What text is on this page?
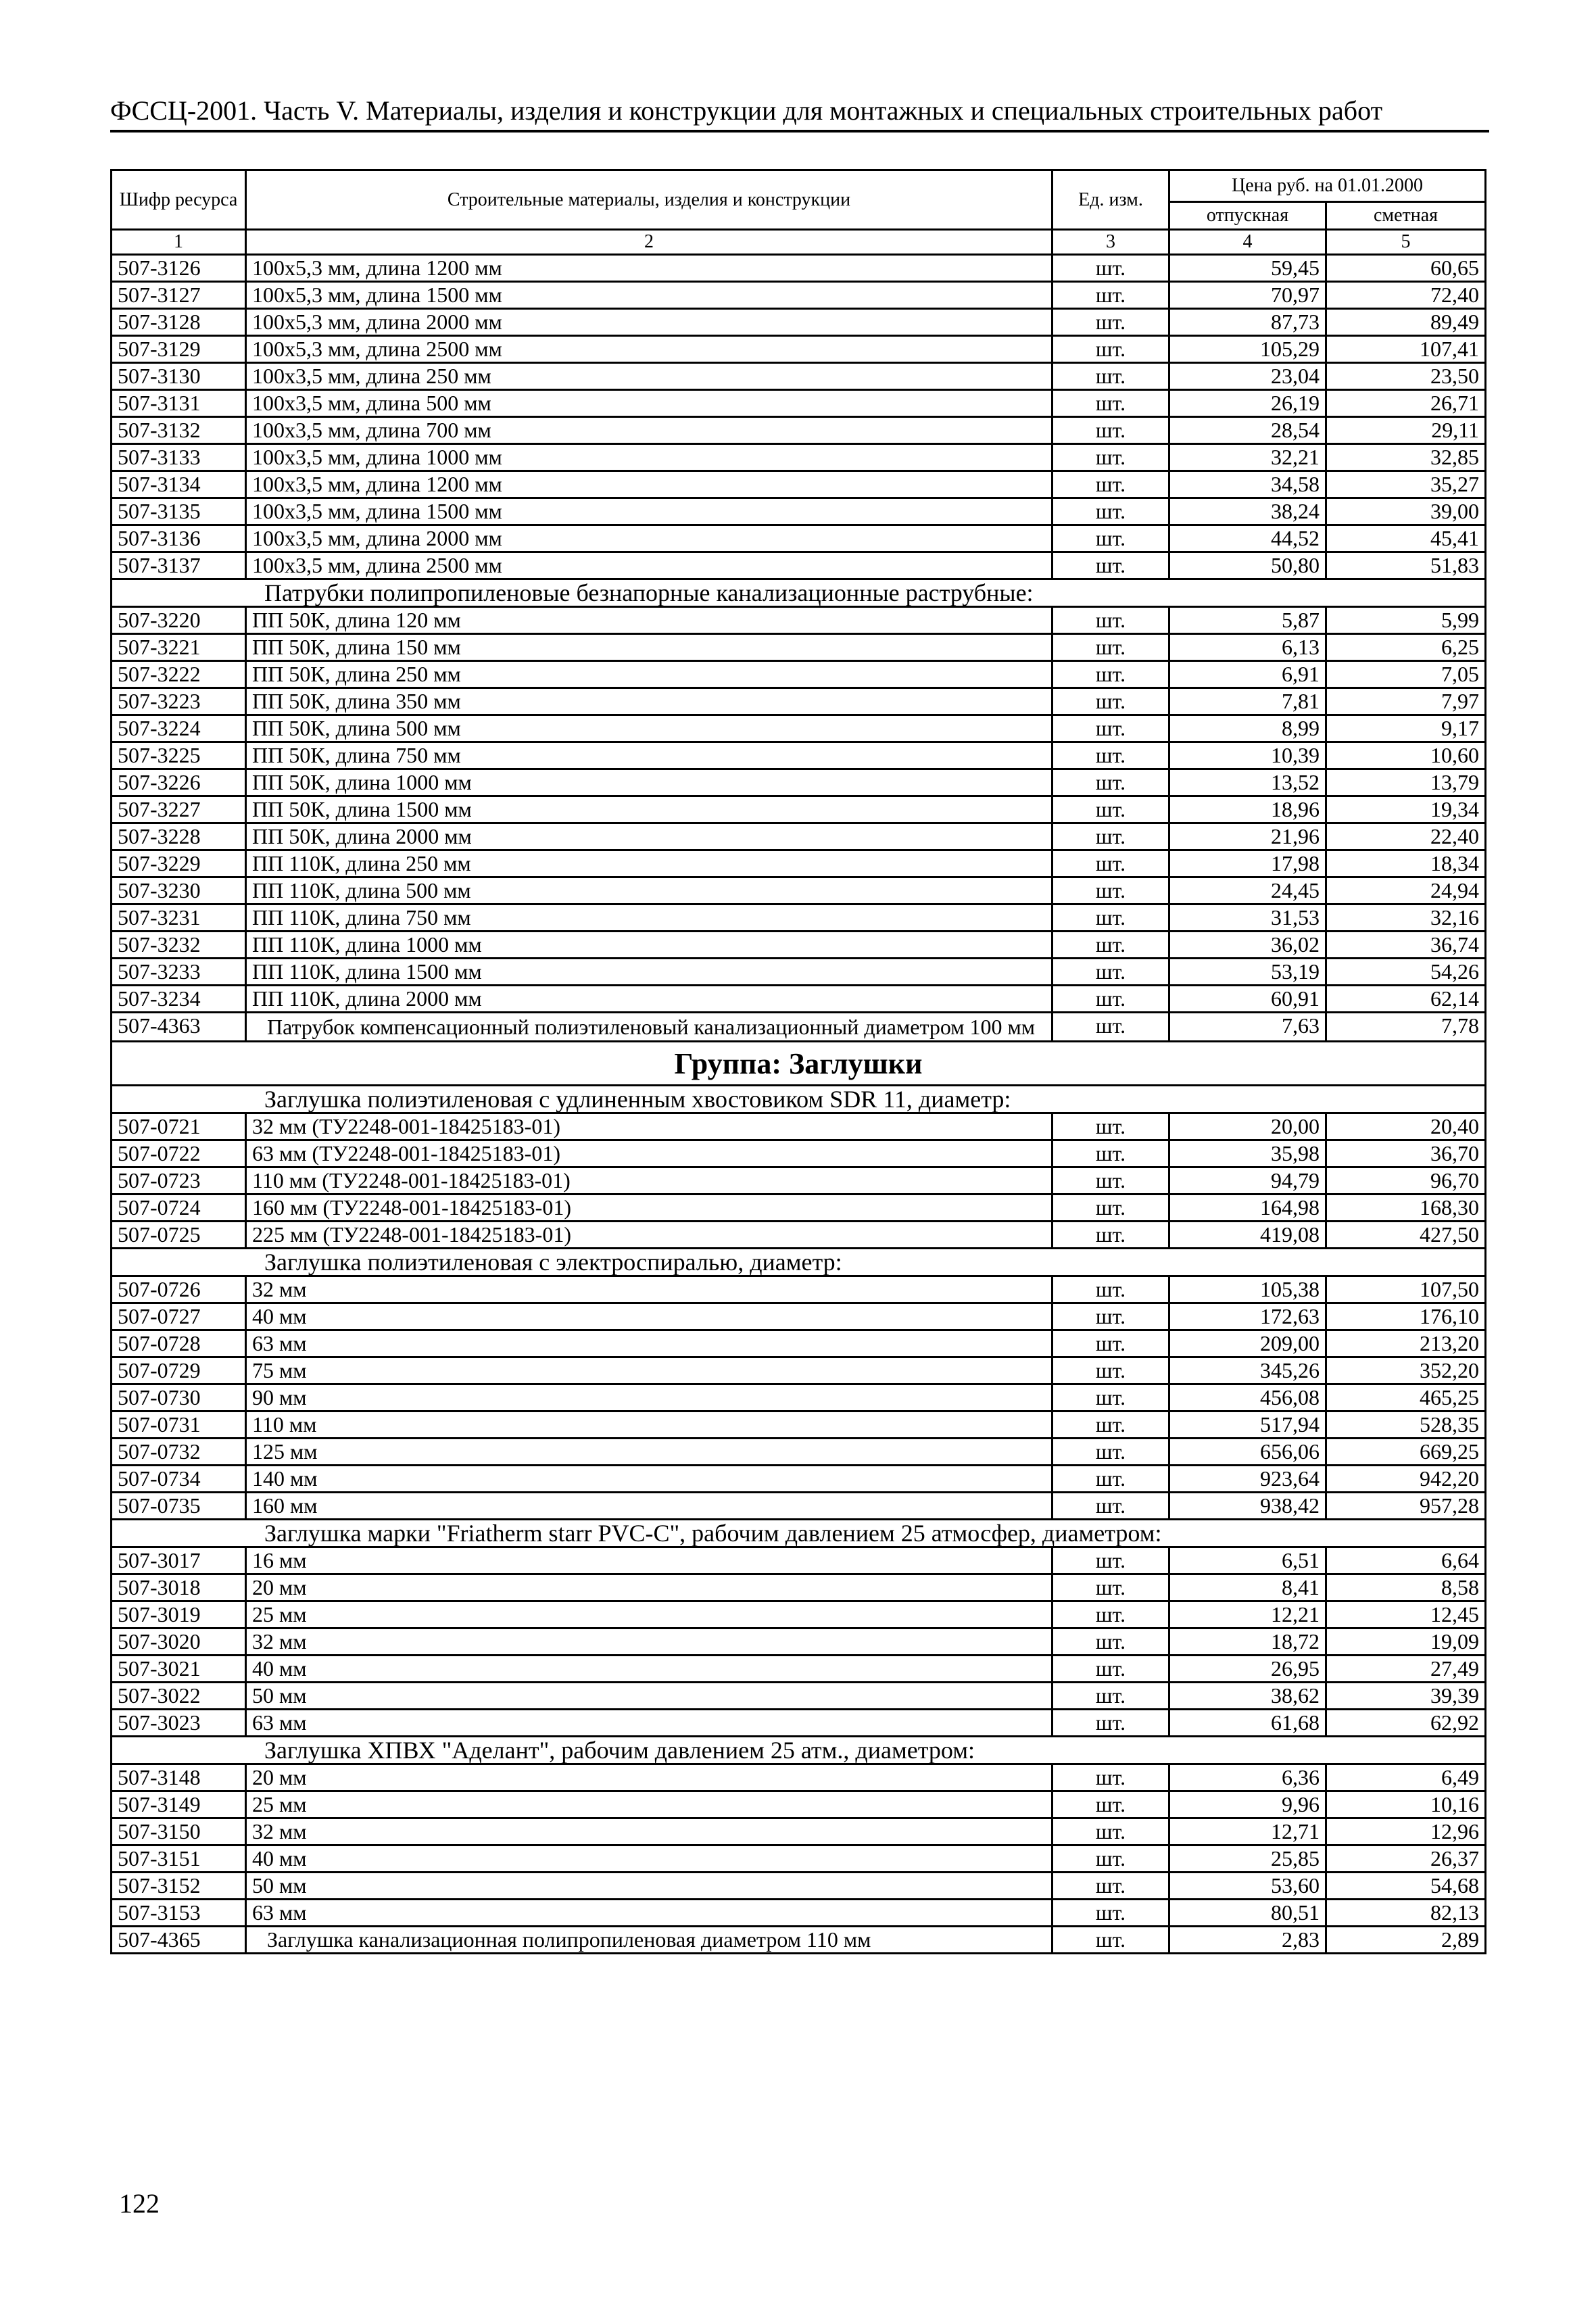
ФССЦ-2001. Часть V. Материалы, изделия и конструкции для монтажных и специальных строительных работ
Шифр ресурса	Строительные материалы, изделия и конструкции	Ед. изм.	Цена руб. на 01.01.2000	
			отпускная	сметная
1	2	3	4	5
507-3126	100x5,3 мм, длина 1200 мм	шт.	59,45	60,65
507-3127	100x5,3 мм, длина 1500 мм	шт.	70,97	72,40
507-3128	100x5,3 мм, длина 2000 мм	шт.	87,73	89,49
507-3129	100x5,3 мм, длина 2500 мм	шт.	105,29	107,41
507-3130	100x3,5 мм, длина 250 мм	шт.	23,04	23,50
507-3131	100x3,5 мм, длина 500 мм	шт.	26,19	26,71
507-3132	100x3,5 мм, длина 700 мм	шт.	28,54	29,11
507-3133	100x3,5 мм, длина 1000 мм	шт.	32,21	32,85
507-3134	100x3,5 мм, длина 1200 мм	шт.	34,58	35,27
507-3135	100x3,5 мм, длина 1500 мм	шт.	38,24	39,00
507-3136	100x3,5 мм, длина 2000 мм	шт.	44,52	45,41
507-3137	100x3,5 мм, длина 2500 мм	шт.	50,80	51,83
Патрубки полипропиленовые безнапорные канализационные раструбные:				
507-3220	ПП 50К, длина 120 мм	шт.	5,87	5,99
507-3221	ПП 50К, длина 150 мм	шт.	6,13	6,25
507-3222	ПП 50К, длина 250 мм	шт.	6,91	7,05
507-3223	ПП 50К, длина 350 мм	шт.	7,81	7,97
507-3224	ПП 50К, длина 500 мм	шт.	8,99	9,17
507-3225	ПП 50К, длина 750 мм	шт.	10,39	10,60
507-3226	ПП 50К, длина 1000 мм	шт.	13,52	13,79
507-3227	ПП 50К, длина 1500 мм	шт.	18,96	19,34
507-3228	ПП 50К, длина 2000 мм	шт.	21,96	22,40
507-3229	ПП 110К, длина 250 мм	шт.	17,98	18,34
507-3230	ПП 110К, длина 500 мм	шт.	24,45	24,94
507-3231	ПП 110К, длина 750 мм	шт.	31,53	32,16
507-3232	ПП 110К, длина 1000 мм	шт.	36,02	36,74
507-3233	ПП 110К, длина 1500 мм	шт.	53,19	54,26
507-3234	ПП 110К, длина 2000 мм	шт.	60,91	62,14
507-4363	Патрубок компенсационный полиэтиленовый канализационный диаметром 100 мм	шт.	7,63	7,78
Группа: Заглушки				
Заглушка полиэтиленовая с удлиненным хвостовиком SDR 11, диаметр:				
507-0721	32 мм (ТУ2248-001-18425183-01)	шт.	20,00	20,40
507-0722	63 мм (ТУ2248-001-18425183-01)	шт.	35,98	36,70
507-0723	110 мм (ТУ2248-001-18425183-01)	шт.	94,79	96,70
507-0724	160 мм (ТУ2248-001-18425183-01)	шт.	164,98	168,30
507-0725	225 мм (ТУ2248-001-18425183-01)	шт.	419,08	427,50
Заглушка полиэтиленовая с электроспиралью, диаметр:				
507-0726	32 мм	шт.	105,38	107,50
507-0727	40 мм	шт.	172,63	176,10
507-0728	63 мм	шт.	209,00	213,20
507-0729	75 мм	шт.	345,26	352,20
507-0730	90 мм	шт.	456,08	465,25
507-0731	110 мм	шт.	517,94	528,35
507-0732	125 мм	шт.	656,06	669,25
507-0734	140 мм	шт.	923,64	942,20
507-0735	160 мм	шт.	938,42	957,28
Заглушка марки "Friatherm starr PVC-C", рабочим давлением 25 атмосфер, диаметром:				
507-3017	16 мм	шт.	6,51	6,64
507-3018	20 мм	шт.	8,41	8,58
507-3019	25 мм	шт.	12,21	12,45
507-3020	32 мм	шт.	18,72	19,09
507-3021	40 мм	шт.	26,95	27,49
507-3022	50 мм	шт.	38,62	39,39
507-3023	63 мм	шт.	61,68	62,92
Заглушка ХПВХ "Аделант", рабочим давлением 25 атм., диаметром:				
507-3148	20 мм	шт.	6,36	6,49
507-3149	25 мм	шт.	9,96	10,16
507-3150	32 мм	шт.	12,71	12,96
507-3151	40 мм	шт.	25,85	26,37
507-3152	50 мм	шт.	53,60	54,68
507-3153	63 мм	шт.	80,51	82,13
507-4365	Заглушка канализационная полипропиленовая диаметром 110 мм	шт.	2,83	2,89
122
